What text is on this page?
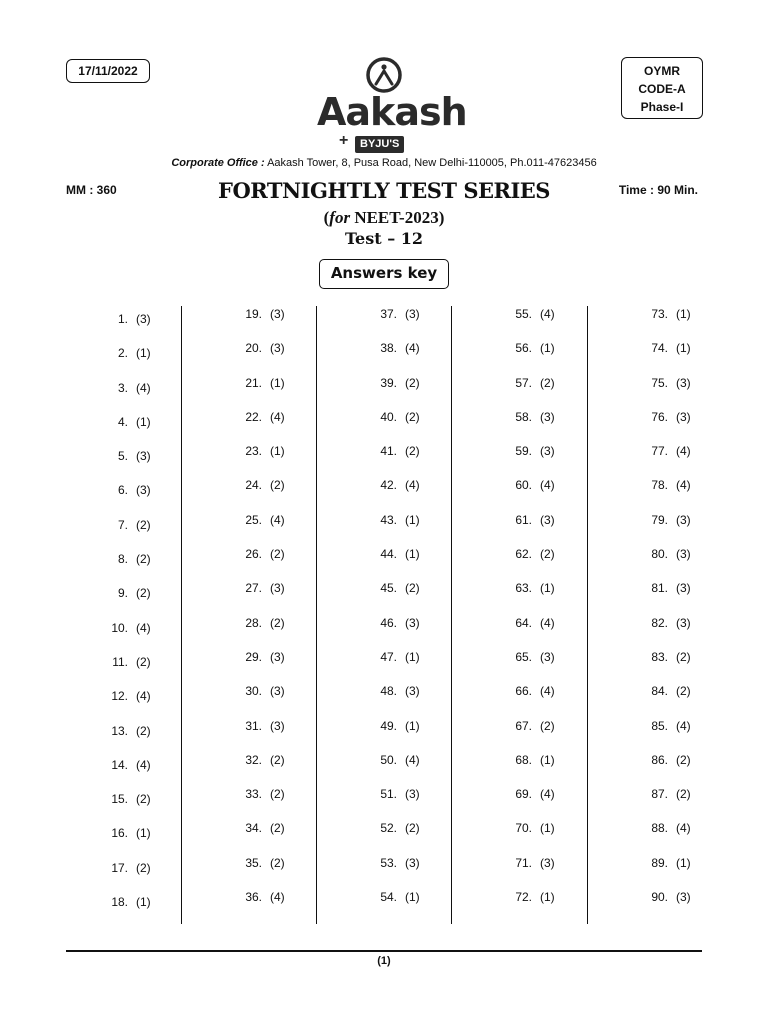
17/11/2022	OYMR
CODE-A
Phase-I
Aakash
+	BYJU'S
Corporate Office : Aakash Tower, 8, Pusa Road, New Delhi-110005, Ph.011-47623456
MM : 360	Time : 90 Min.
FORTNIGHTLY TEST SERIES
(for NEET-2023)
Test – 12
Answers key
1. (3)
2. (1)
3. (4)
4. (1)
5. (3)
6. (3)
7. (2)
8. (2)
9. (2)
10. (4)
11. (2)
12. (4)
13. (2)
14. (4)
15. (2)
16. (1)
17. (2)
18. (1)
19. (3)
20. (3)
21. (1)
22. (4)
23. (1)
24. (2)
25. (4)
26. (2)
27. (3)
28. (2)
29. (3)
30. (3)
31. (3)
32. (2)
33. (2)
34. (2)
35. (2)
36. (4)
37. (3)
38. (4)
39. (2)
40. (2)
41. (2)
42. (4)
43. (1)
44. (1)
45. (2)
46. (3)
47. (1)
48. (3)
49. (1)
50. (4)
51. (3)
52. (2)
53. (3)
54. (1)
55. (4)
56. (1)
57. (2)
58. (3)
59. (3)
60. (4)
61. (3)
62. (2)
63. (1)
64. (4)
65. (3)
66. (4)
67. (2)
68. (1)
69. (4)
70. (1)
71. (3)
72. (1)
73. (1)
74. (1)
75. (3)
76. (3)
77. (4)
78. (4)
79. (3)
80. (3)
81. (3)
82. (3)
83. (2)
84. (2)
85. (4)
86. (2)
87. (2)
88. (4)
89. (1)
90. (3)
(1)
